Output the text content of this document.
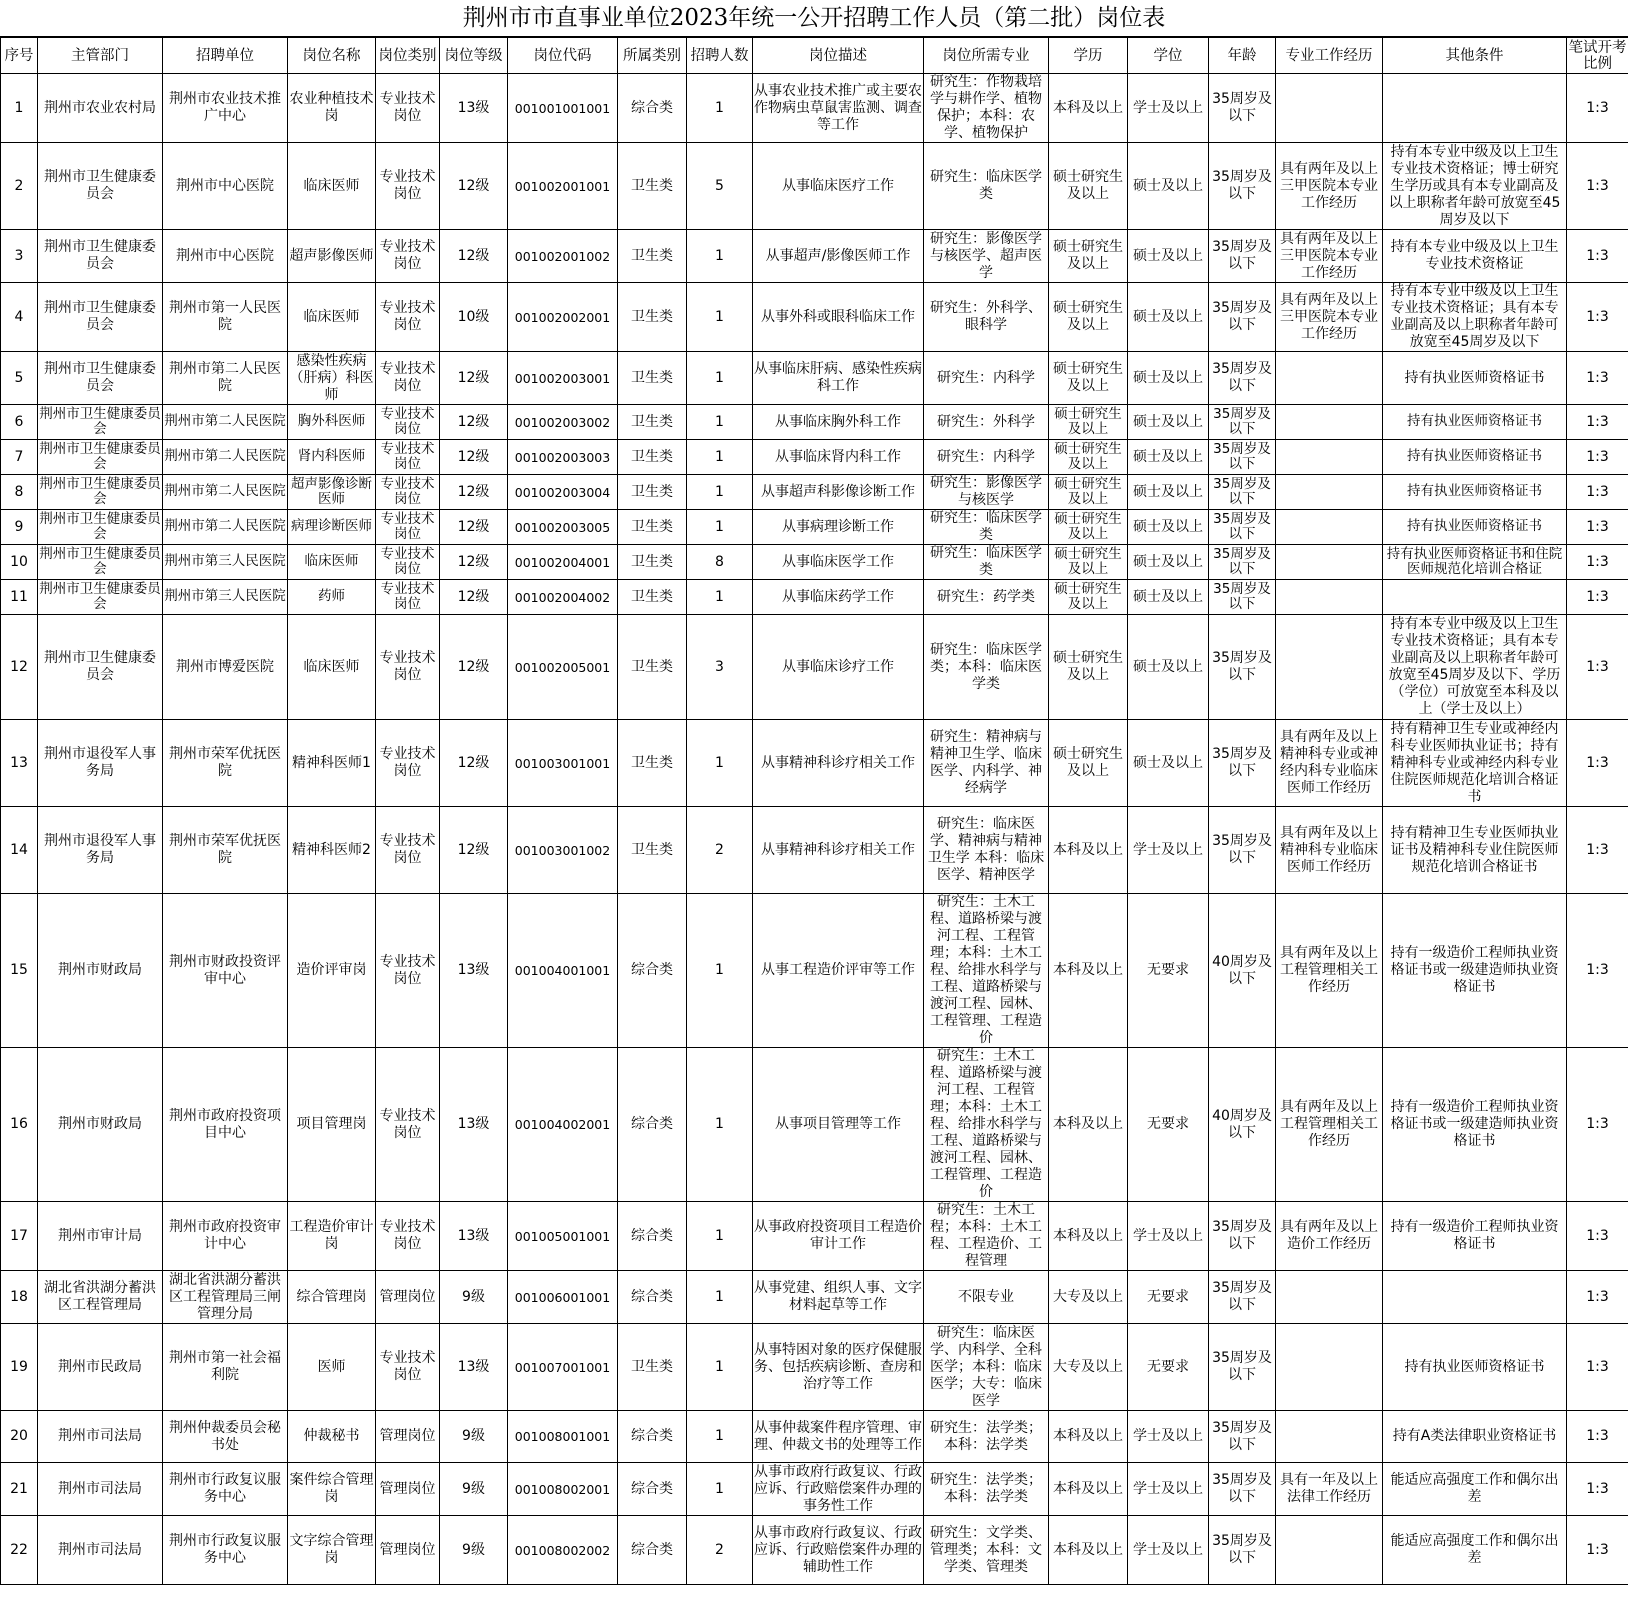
荆州市市直事业单位2023年统一公开招聘工作人员（第二批）岗位表
序号	主管部门	招聘单位	岗位名称	岗位类别	岗位等级	岗位代码	所属类别	招聘人数	岗位描述	岗位所需专业	学历	学位	年龄	专业工作经历	其他条件	笔试开考比例
1	荆州市农业农村局	荆州市农业技术推广中心	农业种植技术岗	专业技术岗位	13级	001001001001	综合类	1	从事农业技术推广或主要农作物病虫草鼠害监测、调查等工作	研究生：作物栽培学与耕作学、植物保护；本科：农学、植物保护	本科及以上	学士及以上	35周岁及以下			1:3
2	荆州市卫生健康委员会	荆州市中心医院	临床医师	专业技术岗位	12级	001002001001	卫生类	5	从事临床医疗工作	研究生：临床医学类	硕士研究生及以上	硕士及以上	35周岁及以下	具有两年及以上三甲医院本专业工作经历	持有本专业中级及以上卫生专业技术资格证；博士研究生学历或具有本专业副高及以上职称者年龄可放宽至45周岁及以下	1:3
3	荆州市卫生健康委员会	荆州市中心医院	超声影像医师	专业技术岗位	12级	001002001002	卫生类	1	从事超声/影像医师工作	研究生：影像医学与核医学、超声医学	硕士研究生及以上	硕士及以上	35周岁及以下	具有两年及以上三甲医院本专业工作经历	持有本专业中级及以上卫生专业技术资格证	1:3
4	荆州市卫生健康委员会	荆州市第一人民医院	临床医师	专业技术岗位	10级	001002002001	卫生类	1	从事外科或眼科临床工作	研究生：外科学、眼科学	硕士研究生及以上	硕士及以上	35周岁及以下	具有两年及以上三甲医院本专业工作经历	持有本专业中级及以上卫生专业技术资格证；具有本专业副高及以上职称者年龄可放宽至45周岁及以下	1:3
5	荆州市卫生健康委员会	荆州市第二人民医院	感染性疾病（肝病）科医师	专业技术岗位	12级	001002003001	卫生类	1	从事临床肝病、感染性疾病科工作	研究生：内科学	硕士研究生及以上	硕士及以上	35周岁及以下		持有执业医师资格证书	1:3
6	荆州市卫生健康委员会	荆州市第二人民医院	胸外科医师	专业技术岗位	12级	001002003002	卫生类	1	从事临床胸外科工作	研究生：外科学	硕士研究生及以上	硕士及以上	35周岁及以下		持有执业医师资格证书	1:3
7	荆州市卫生健康委员会	荆州市第二人民医院	肾内科医师	专业技术岗位	12级	001002003003	卫生类	1	从事临床肾内科工作	研究生：内科学	硕士研究生及以上	硕士及以上	35周岁及以下		持有执业医师资格证书	1:3
8	荆州市卫生健康委员会	荆州市第二人民医院	超声影像诊断医师	专业技术岗位	12级	001002003004	卫生类	1	从事超声科影像诊断工作	研究生：影像医学与核医学	硕士研究生及以上	硕士及以上	35周岁及以下		持有执业医师资格证书	1:3
9	荆州市卫生健康委员会	荆州市第二人民医院	病理诊断医师	专业技术岗位	12级	001002003005	卫生类	1	从事病理诊断工作	研究生：临床医学类	硕士研究生及以上	硕士及以上	35周岁及以下		持有执业医师资格证书	1:3
10	荆州市卫生健康委员会	荆州市第三人民医院	临床医师	专业技术岗位	12级	001002004001	卫生类	8	从事临床医学工作	研究生：临床医学类	硕士研究生及以上	硕士及以上	35周岁及以下		持有执业医师资格证书和住院医师规范化培训合格证	1:3
11	荆州市卫生健康委员会	荆州市第三人民医院	药师	专业技术岗位	12级	001002004002	卫生类	1	从事临床药学工作	研究生：药学类	硕士研究生及以上	硕士及以上	35周岁及以下			1:3
12	荆州市卫生健康委员会	荆州市博爱医院	临床医师	专业技术岗位	12级	001002005001	卫生类	3	从事临床诊疗工作	研究生：临床医学类；本科：临床医学类	硕士研究生及以上	硕士及以上	35周岁及以下		持有本专业中级及以上卫生专业技术资格证；具有本专业副高及以上职称者年龄可放宽至45周岁及以下、学历（学位）可放宽至本科及以上（学士及以上）	1:3
13	荆州市退役军人事务局	荆州市荣军优抚医院	精神科医师1	专业技术岗位	12级	001003001001	卫生类	1	从事精神科诊疗相关工作	研究生：精神病与精神卫生学、临床医学、内科学、神经病学	硕士研究生及以上	硕士及以上	35周岁及以下	具有两年及以上精神科专业或神经内科专业临床医师工作经历	持有精神卫生专业或神经内科专业医师执业证书；持有精神科专业或神经内科专业住院医师规范化培训合格证书	1:3
14	荆州市退役军人事务局	荆州市荣军优抚医院	精神科医师2	专业技术岗位	12级	001003001002	卫生类	2	从事精神科诊疗相关工作	研究生：临床医学、精神病与精神卫生学 本科：临床医学、精神医学	本科及以上	学士及以上	35周岁及以下	具有两年及以上精神科专业临床医师工作经历	持有精神卫生专业医师执业证书及精神科专业住院医师规范化培训合格证书	1:3
15	荆州市财政局	荆州市财政投资评审中心	造价评审岗	专业技术岗位	13级	001004001001	综合类	1	从事工程造价评审等工作	研究生：土木工程、道路桥梁与渡河工程、工程管理；本科：土木工程、给排水科学与工程、道路桥梁与渡河工程、园林、工程管理、工程造价	本科及以上	无要求	40周岁及以下	具有两年及以上工程管理相关工作经历	持有一级造价工程师执业资格证书或一级建造师执业资格证书	1:3
16	荆州市财政局	荆州市政府投资项目中心	项目管理岗	专业技术岗位	13级	001004002001	综合类	1	从事项目管理等工作	研究生：土木工程、道路桥梁与渡河工程、工程管理；本科：土木工程、给排水科学与工程、道路桥梁与渡河工程、园林、工程管理、工程造价	本科及以上	无要求	40周岁及以下	具有两年及以上工程管理相关工作经历	持有一级造价工程师执业资格证书或一级建造师执业资格证书	1:3
17	荆州市审计局	荆州市政府投资审计中心	工程造价审计岗	专业技术岗位	13级	001005001001	综合类	1	从事政府投资项目工程造价审计工作	研究生：土木工程；本科：土木工程、工程造价、工程管理	本科及以上	学士及以上	35周岁及以下	具有两年及以上造价工作经历	持有一级造价工程师执业资格证书	1:3
18	湖北省洪湖分蓄洪区工程管理局	湖北省洪湖分蓄洪区工程管理局三闸管理分局	综合管理岗	管理岗位	9级	001006001001	综合类	1	从事党建、组织人事、文字材料起草等工作	不限专业	大专及以上	无要求	35周岁及以下			1:3
19	荆州市民政局	荆州市第一社会福利院	医师	专业技术岗位	13级	001007001001	卫生类	1	从事特困对象的医疗保健服务、包括疾病诊断、查房和治疗等工作	研究生：临床医学、内科学、全科医学；本科：临床医学；大专：临床医学	大专及以上	无要求	35周岁及以下		持有执业医师资格证书	1:3
20	荆州市司法局	荆州仲裁委员会秘书处	仲裁秘书	管理岗位	9级	001008001001	综合类	1	从事仲裁案件程序管理、审理、仲裁文书的处理等工作	研究生：法学类；本科：法学类	本科及以上	学士及以上	35周岁及以下		持有A类法律职业资格证书	1:3
21	荆州市司法局	荆州市行政复议服务中心	案件综合管理岗	管理岗位	9级	001008002001	综合类	1	从事市政府行政复议、行政应诉、行政赔偿案件办理的事务性工作	研究生：法学类；本科：法学类	本科及以上	学士及以上	35周岁及以下	具有一年及以上法律工作经历	能适应高强度工作和偶尔出差	1:3
22	荆州市司法局	荆州市行政复议服务中心	文字综合管理岗	管理岗位	9级	001008002002	综合类	2	从事市政府行政复议、行政应诉、行政赔偿案件办理的辅助性工作	研究生：文学类、管理类；本科：文学类、管理类	本科及以上	学士及以上	35周岁及以下		能适应高强度工作和偶尔出差	1:3
